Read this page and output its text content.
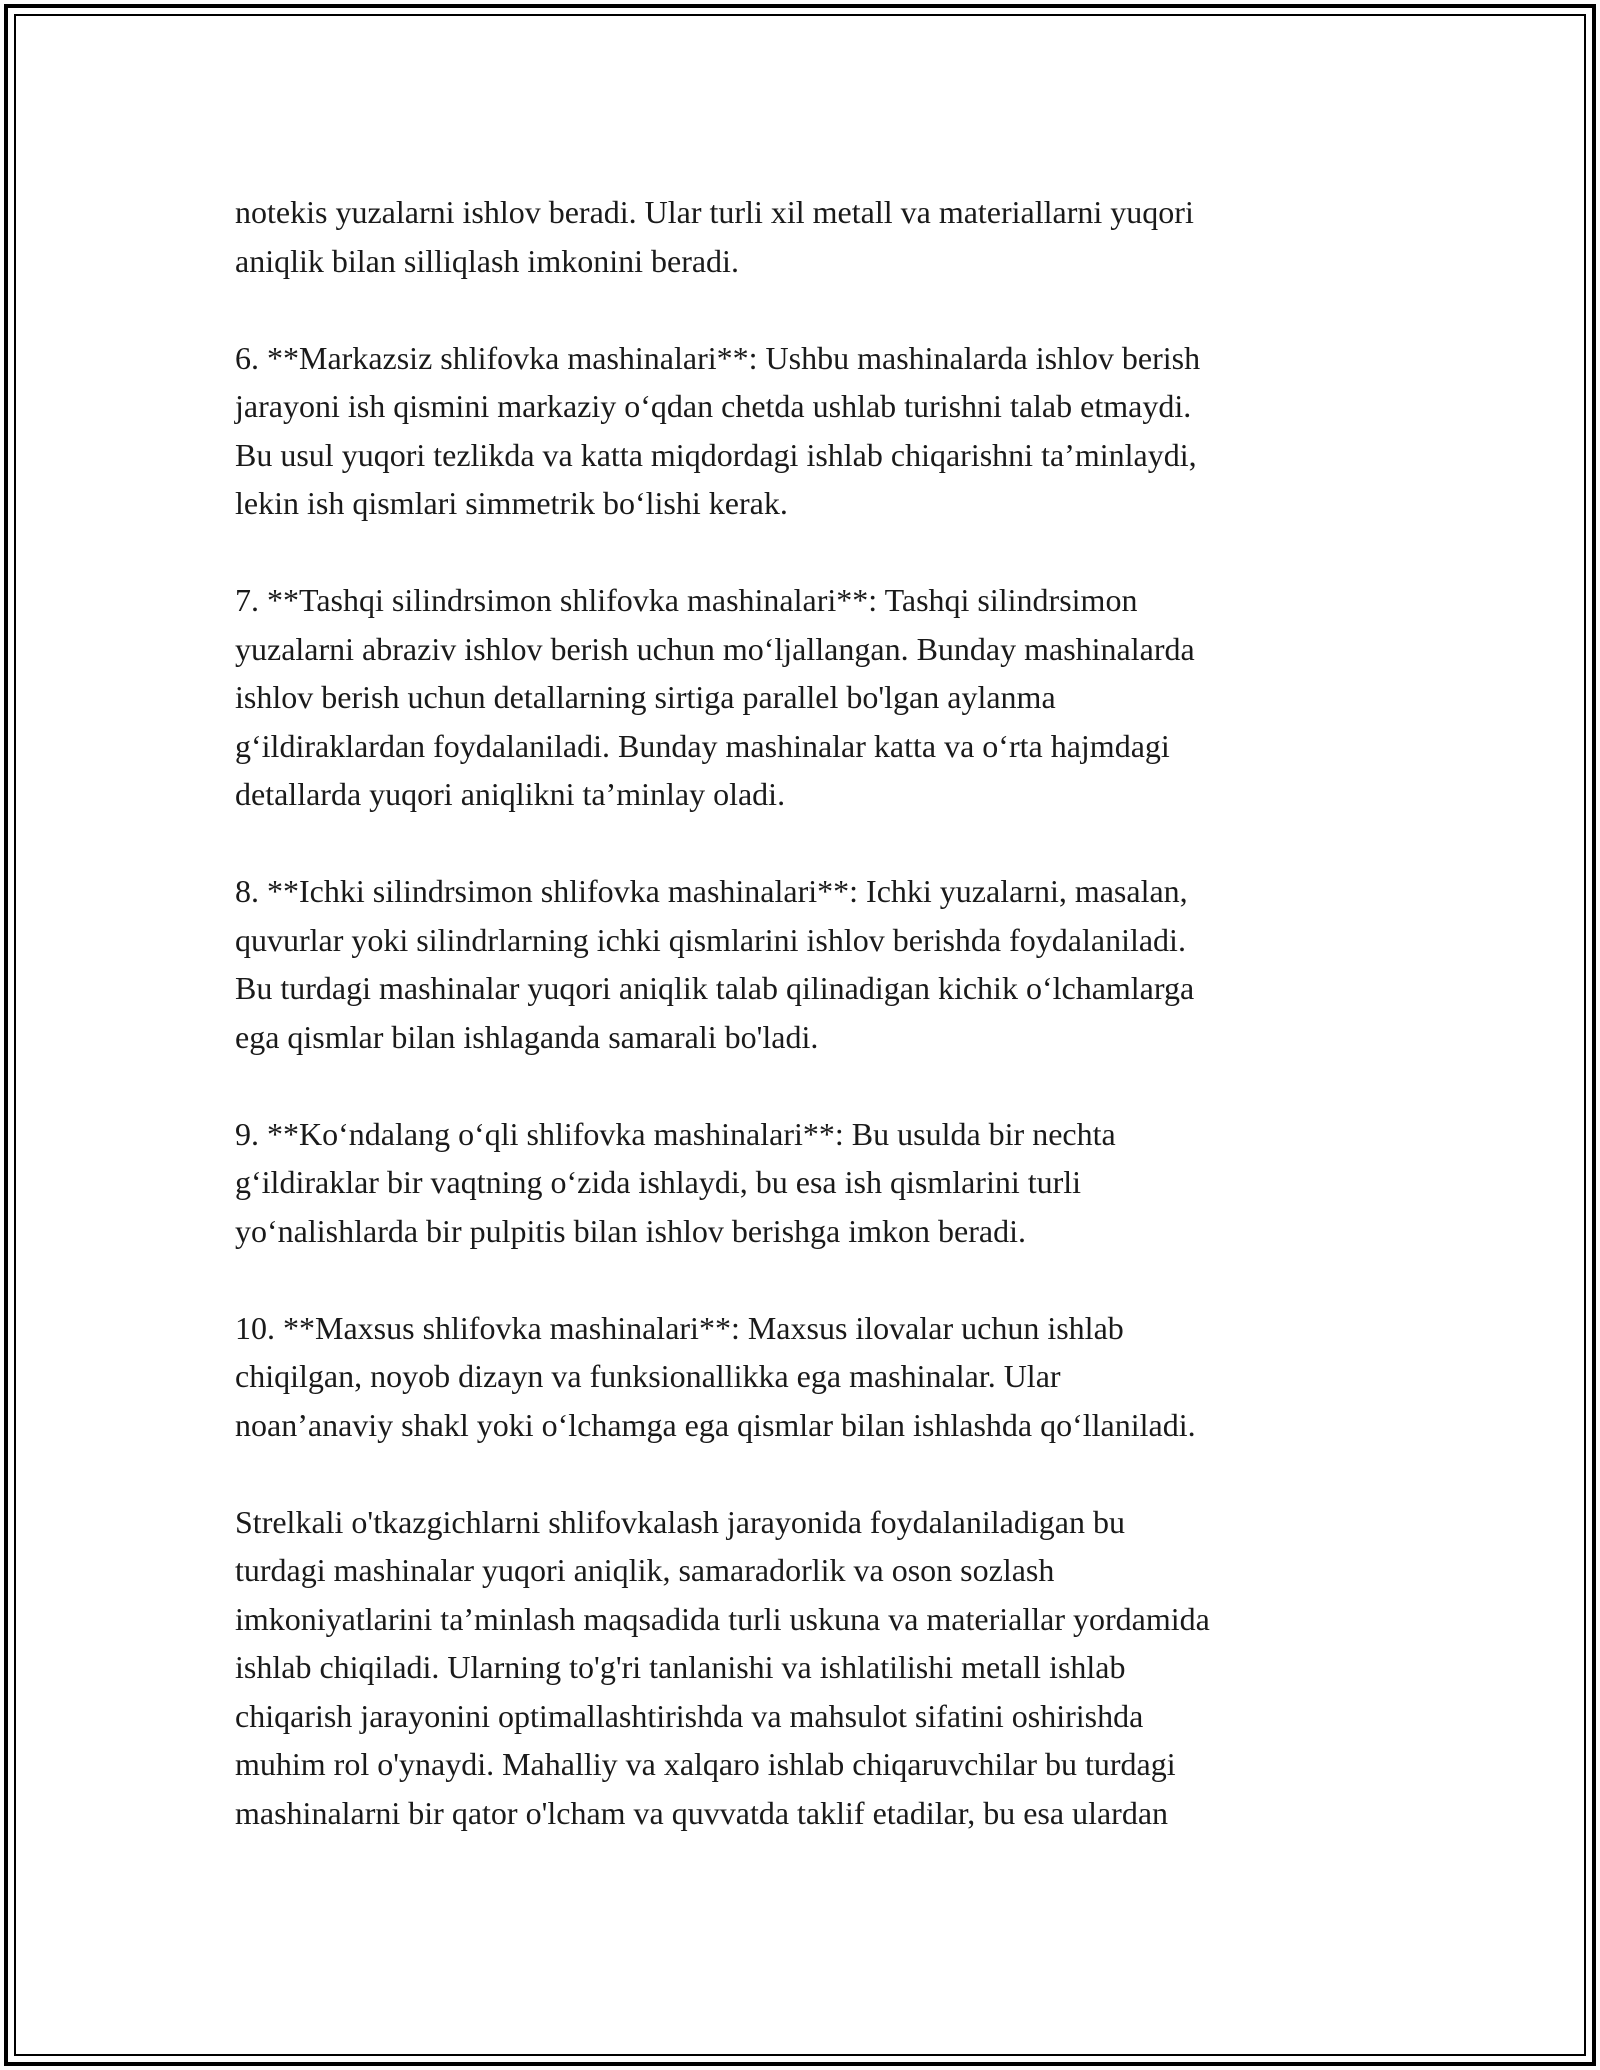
notekis yuzalarni ishlov beradi. Ular turli xil metall va materiallarni yuqori
aniqlik bilan silliqlash imkonini beradi.
6. **Markazsiz shlifovka mashinalari**: Ushbu mashinalarda ishlov berish
jarayoni ish qismini markaziy o‘qdan chetda ushlab turishni talab etmaydi.
Bu usul yuqori tezlikda va katta miqdordagi ishlab chiqarishni ta’minlaydi,
lekin ish qismlari simmetrik bo‘lishi kerak.
7. **Tashqi silindrsimon shlifovka mashinalari**: Tashqi silindrsimon
yuzalarni abraziv ishlov berish uchun mo‘ljallangan. Bunday mashinalarda
ishlov berish uchun detallarning sirtiga parallel bo'lgan aylanma
g‘ildiraklardan foydalaniladi. Bunday mashinalar katta va o‘rta hajmdagi
detallarda yuqori aniqlikni ta’minlay oladi.
8. **Ichki silindrsimon shlifovka mashinalari**: Ichki yuzalarni, masalan,
quvurlar yoki silindrlarning ichki qismlarini ishlov berishda foydalaniladi.
Bu turdagi mashinalar yuqori aniqlik talab qilinadigan kichik o‘lchamlarga
ega qismlar bilan ishlaganda samarali bo'ladi.
9. **Ko‘ndalang o‘qli shlifovka mashinalari**: Bu usulda bir nechta
g‘ildiraklar bir vaqtning o‘zida ishlaydi, bu esa ish qismlarini turli
yo‘nalishlarda bir pulpitis bilan ishlov berishga imkon beradi.
10. **Maxsus shlifovka mashinalari**: Maxsus ilovalar uchun ishlab
chiqilgan, noyob dizayn va funksionallikka ega mashinalar. Ular
noan’anaviy shakl yoki o‘lchamga ega qismlar bilan ishlashda qo‘llaniladi.
Strelkali o'tkazgichlarni shlifovkalash jarayonida foydalaniladigan bu
turdagi mashinalar yuqori aniqlik, samaradorlik va oson sozlash
imkoniyatlarini ta’minlash maqsadida turli uskuna va materiallar yordamida
ishlab chiqiladi. Ularning to'g'ri tanlanishi va ishlatilishi metall ishlab
chiqarish jarayonini optimallashtirishda va mahsulot sifatini oshirishda
muhim rol o'ynaydi. Mahalliy va xalqaro ishlab chiqaruvchilar bu turdagi
mashinalarni bir qator o'lcham va quvvatda taklif etadilar, bu esa ulardan
